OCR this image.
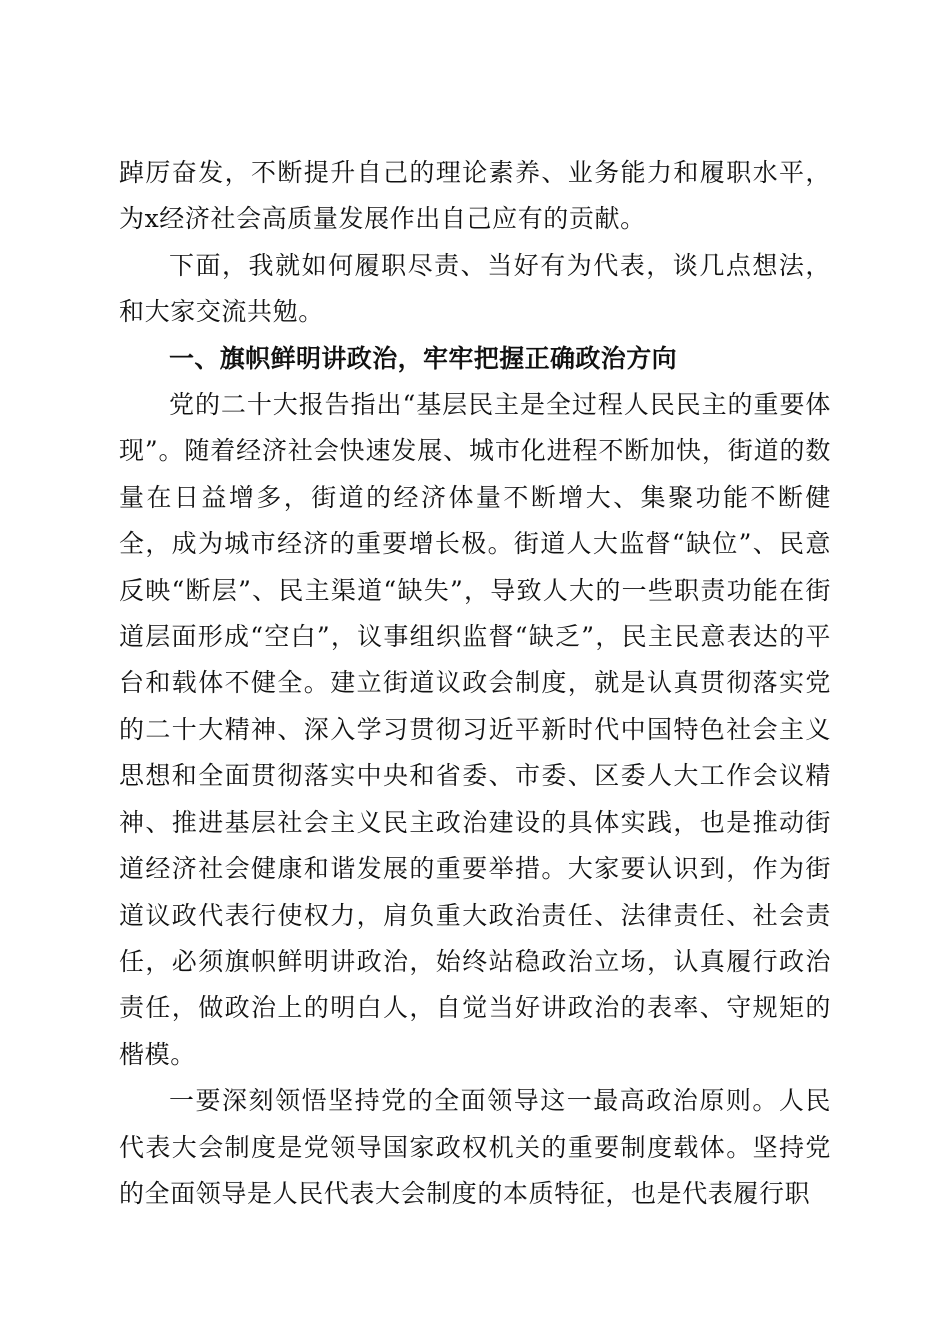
踔厉奋发，不断提升自己的理论素养、业务能力和履职水平，为x经济社会高质量发展作出自己应有的贡献。

下面，我就如何履职尽责、当好有为代表，谈几点想法，和大家交流共勉。

一、旗帜鲜明讲政治，牢牢把握正确政治方向

党的二十大报告指出“基层民主是全过程人民民主的重要体现”。随着经济社会快速发展、城市化进程不断加快，街道的数量在日益增多，街道的经济体量不断增大、集聚功能不断健全，成为城市经济的重要增长极。街道人大监督“缺位”、民意反映“断层”、民主渠道“缺失”，导致人大的一些职责功能在街道层面形成“空白”，议事组织监督“缺乏”，民主民意表达的平台和载体不健全。建立街道议政会制度，就是认真贯彻落实党的二十大精神、深入学习贯彻习近平新时代中国特色社会主义思想和全面贯彻落实中央和省委、市委、区委人大工作会议精神、推进基层社会主义民主政治建设的具体实践，也是推动街道经济社会健康和谐发展的重要举措。大家要认识到，作为街道议政代表行使权力，肩负重大政治责任、法律责任、社会责任，必须旗帜鲜明讲政治，始终站稳政治立场，认真履行政治责任，做政治上的明白人，自觉当好讲政治的表率、守规矩的楷模。

一要深刻领悟坚持党的全面领导这一最高政治原则。人民代表大会制度是党领导国家政权机关的重要制度载体。坚持党的全面领导是人民代表大会制度的本质特征，也是代表履行职
